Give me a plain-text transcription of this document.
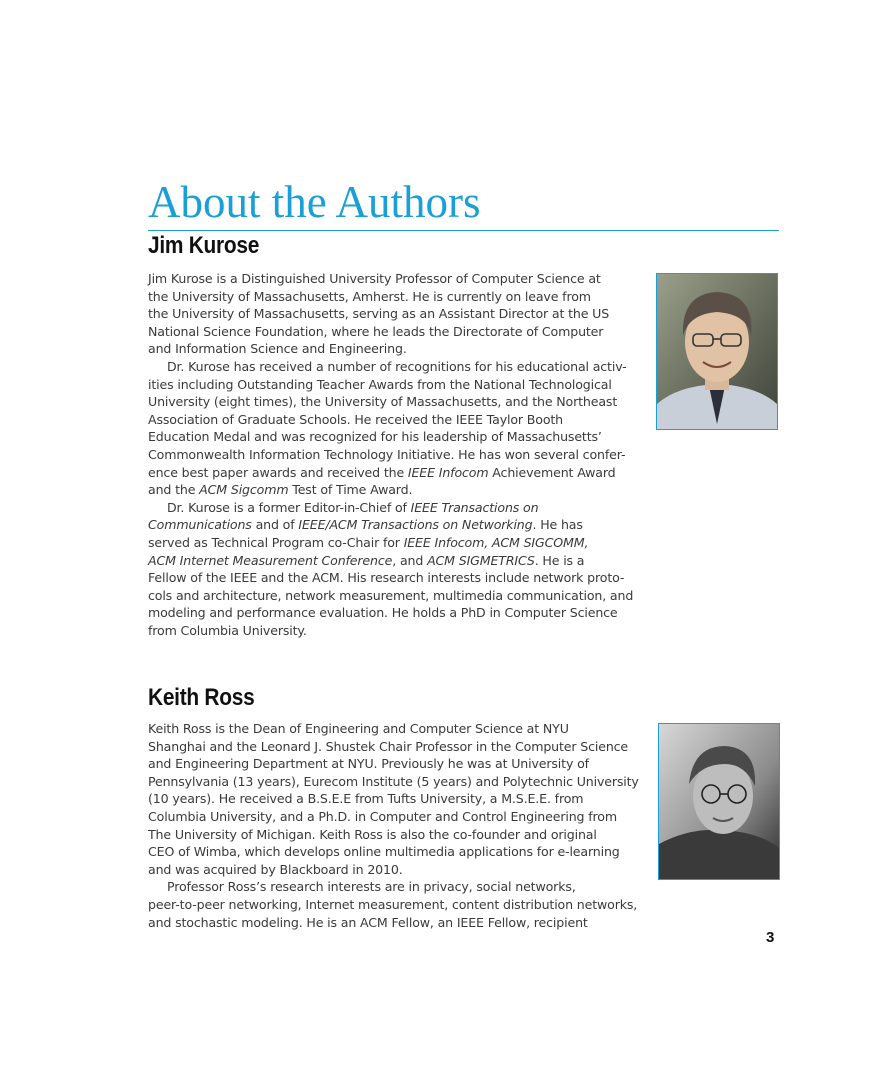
About the Authors
Jim Kurose
Jim Kurose is a Distinguished University Professor of Computer Science at
the University of Massachusetts, Amherst. He is currently on leave from
the University of Massachusetts, serving as an Assistant Director at the US
National Science Foundation, where he leads the Directorate of Computer
and Information Science and Engineering.
Dr. Kurose has received a number of recognitions for his educational activ-
ities including Outstanding Teacher Awards from the National Technological
University (eight times), the University of Massachusetts, and the Northeast
Association of Graduate Schools. He received the IEEE Taylor Booth
Education Medal and was recognized for his leadership of Massachusetts’
Commonwealth Information Technology Initiative. He has won several confer-
ence best paper awards and received the IEEE Infocom Achievement Award
and the ACM Sigcomm Test of Time Award.
Dr. Kurose is a former Editor-in-Chief of IEEE Transactions on
Communications and of IEEE/ACM Transactions on Networking. He has
served as Technical Program co-Chair for IEEE Infocom, ACM SIGCOMM,
ACM Internet Measurement Conference, and ACM SIGMETRICS. He is a
Fellow of the IEEE and the ACM. His research interests include network proto-
cols and architecture, network measurement, multimedia communication, and
modeling and performance evaluation. He holds a PhD in Computer Science
from Columbia University.
Keith Ross
Keith Ross is the Dean of Engineering and Computer Science at NYU
Shanghai and the Leonard J. Shustek Chair Professor in the Computer Science
and Engineering Department at NYU. Previously he was at University of
Pennsylvania (13 years), Eurecom Institute (5 years) and Polytechnic University
(10 years). He received a B.S.E.E from Tufts University, a M.S.E.E. from
Columbia University, and a Ph.D. in Computer and Control Engineering from
The University of Michigan. Keith Ross is also the co-founder and original
CEO of Wimba, which develops online multimedia applications for e-learning
and was acquired by Blackboard in 2010.
Professor Ross’s research interests are in privacy, social networks,
peer-to-peer networking, Internet measurement, content distribution networks,
and stochastic modeling. He is an ACM Fellow, an IEEE Fellow, recipient
3
